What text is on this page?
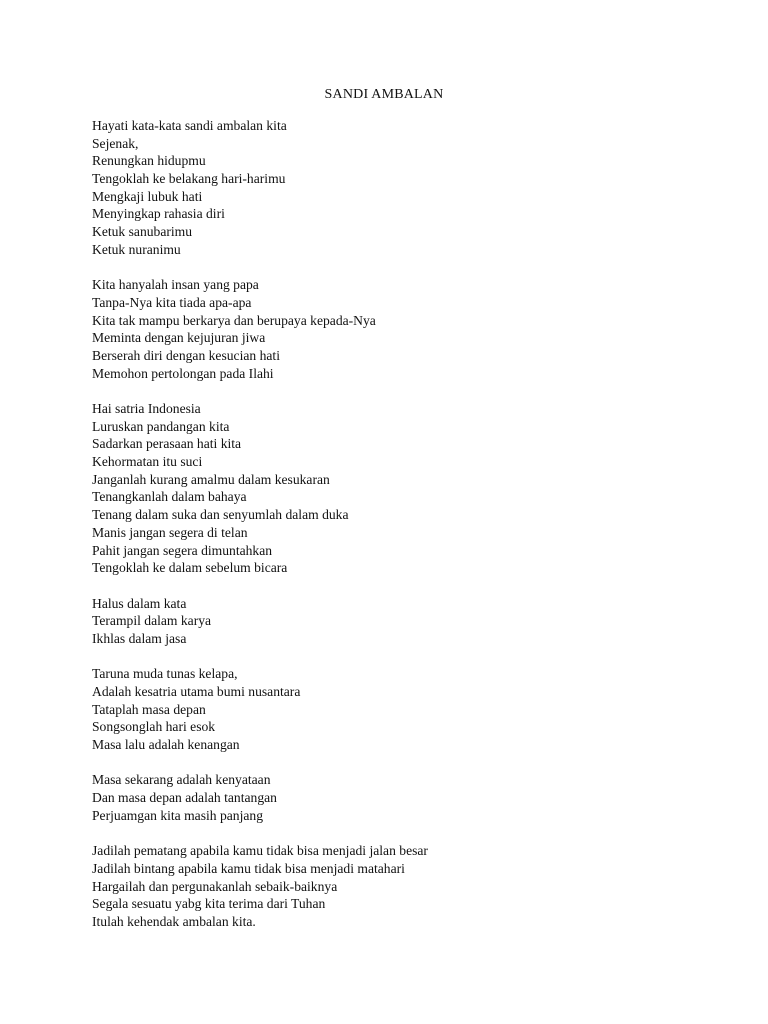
SANDI AMBALAN
Hayati kata-kata sandi ambalan kita
Sejenak,
Renungkan hidupmu
Tengoklah ke belakang hari-harimu
Mengkaji lubuk hati
Menyingkap rahasia diri
Ketuk sanubarimu
Ketuk nuranimu
Kita hanyalah insan yang papa
Tanpa-Nya kita tiada apa-apa
Kita tak mampu berkarya dan berupaya kepada-Nya
Meminta dengan kejujuran jiwa
Berserah diri dengan kesucian hati
Memohon pertolongan pada Ilahi
Hai satria Indonesia
Luruskan pandangan kita
Sadarkan perasaan hati kita
Kehormatan itu suci
Janganlah kurang amalmu dalam kesukaran
Tenangkanlah dalam bahaya
Tenang dalam suka dan senyumlah dalam duka
Manis jangan segera di telan
Pahit jangan segera dimuntahkan
Tengoklah ke dalam sebelum bicara
Halus dalam kata
Terampil dalam karya
Ikhlas dalam jasa
Taruna muda tunas kelapa,
Adalah kesatria utama bumi nusantara
Tataplah masa depan
Songsonglah hari esok
Masa lalu adalah kenangan
Masa sekarang adalah kenyataan
Dan masa depan adalah tantangan
Perjuamgan kita masih panjang
Jadilah pematang apabila kamu tidak bisa menjadi jalan besar
Jadilah bintang apabila kamu tidak bisa menjadi matahari
Hargailah dan pergunakanlah sebaik-baiknya
Segala sesuatu yabg kita terima dari Tuhan
Itulah kehendak ambalan kita.
